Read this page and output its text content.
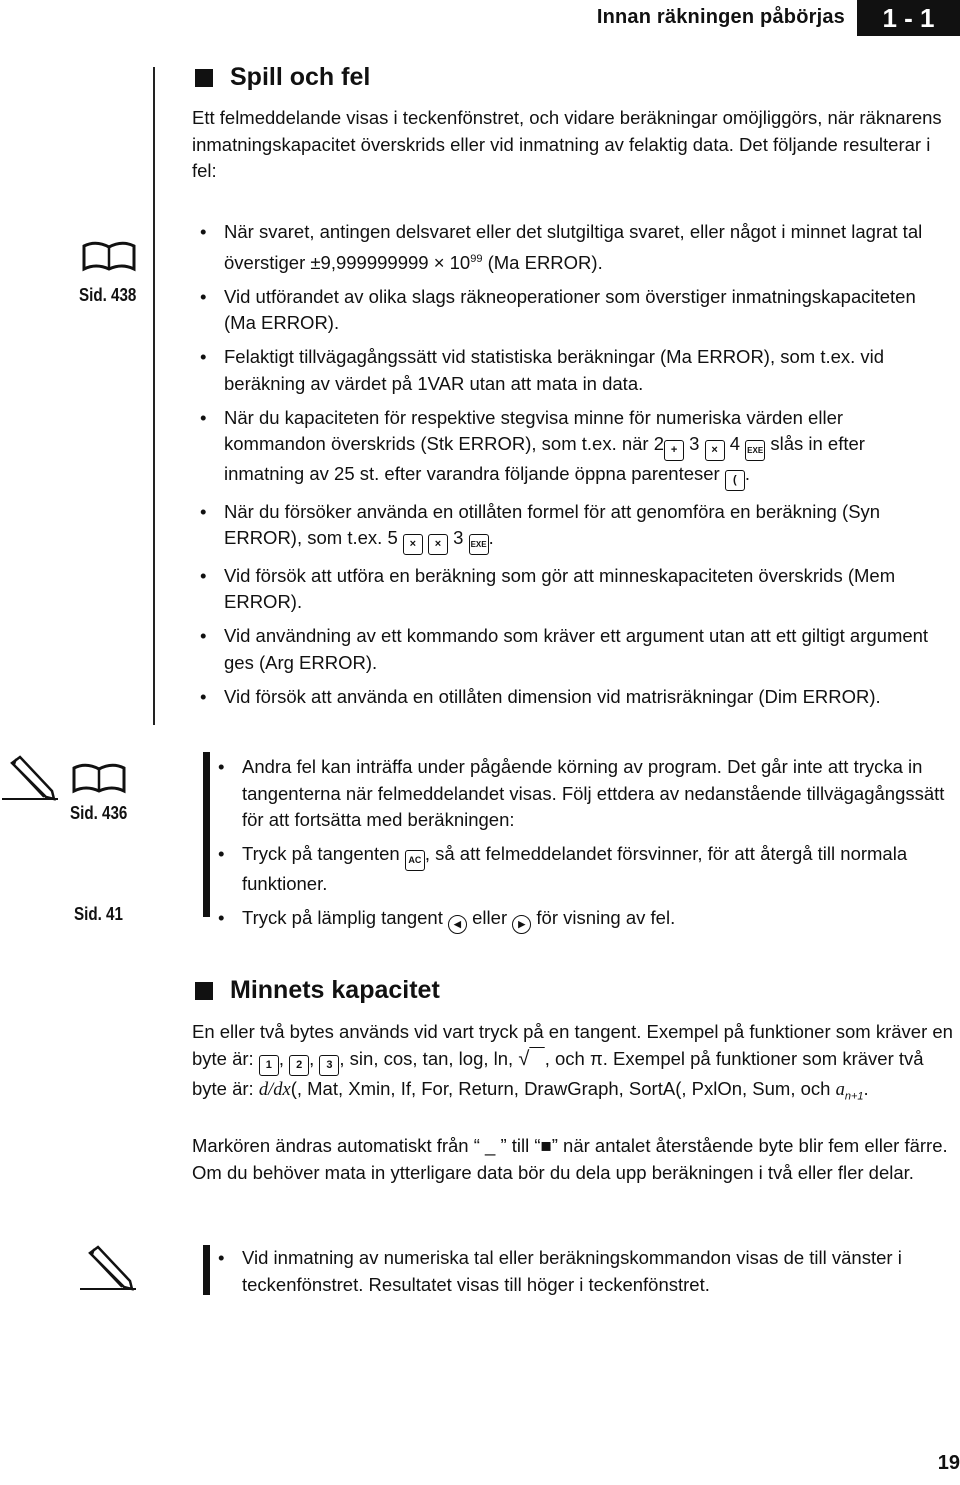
Innan räkningen påbörjas	1 - 1
Spill och fel
Ett felmeddelande visas i teckenfönstret, och vidare beräkningar omöjliggörs, när räknarens inmatningskapacitet överskrids eller vid inmatning av felaktig data. Det följande resulterar i fel:
Sid. 438
• När svaret, antingen delsvaret eller det slutgiltiga svaret, eller något i minnet lagrat tal överstiger $\pm 9,999999999 \times 10^{99}$ (Ma ERROR).
• Vid utförandet av olika slags räkneoperationer som överstiger inmatningskapaciteten (Ma ERROR).
• Felaktigt tillvägagångssätt vid statistiska beräkningar (Ma ERROR), som t.ex. vid beräkning av värdet på 1VAR utan att mata in data.
• När du kapaciteten för respektive stegvisa minne för numeriska värden eller kommandon överskrids (Stk ERROR), som t.ex. när 2 + 3 × 4 EXE slås in efter inmatning av 25 st. efter varandra följande öppna parenteser ( .
• När du försöker använda en otillåten formel för att genomföra en beräkning (Syn ERROR), som t.ex. 5 × × 3 EXE .
• Vid försök att utföra en beräkning som gör att minneskapaciteten överskrids (Mem ERROR).
• Vid användning av ett kommando som kräver ett argument utan att ett giltigt argument ges (Arg ERROR).
• Vid försök att använda en otillåten dimension vid matrisräkningar (Dim ERROR).
Sid. 436
Sid. 41
• Andra fel kan inträffa under pågående körning av program. Det går inte att trycka in tangenterna när felmeddelandet visas. Följ ettdera av nedanstående tillvägagångssätt för att fortsätta med beräkningen:
• Tryck på tangenten AC , så att felmeddelandet försvinner, för att återgå till normala funktioner.
• Tryck på lämplig tangent ◀ eller ▶ för visning av fel.
Minnets kapacitet
En eller två bytes används vid vart tryck på en tangent. Exempel på funktioner som kräver en byte är: 1 , 2 , 3 , sin, cos, tan, log, ln, √ , och π. Exempel på funktioner som kräver två byte är: d/dx(, Mat, Xmin, If, For, Return, DrawGraph, SortA(, PxlOn, Sum, och $a_{n+1}$.
Markören ändras automatiskt från “ _ ” till “■” när antalet återstående byte blir fem eller färre. Om du behöver mata in ytterligare data bör du dela upp beräkningen i två eller fler delar.
• Vid inmatning av numeriska tal eller beräkningskommandon visas de till vänster i teckenfönstret. Resultatet visas till höger i teckenfönstret.
19
